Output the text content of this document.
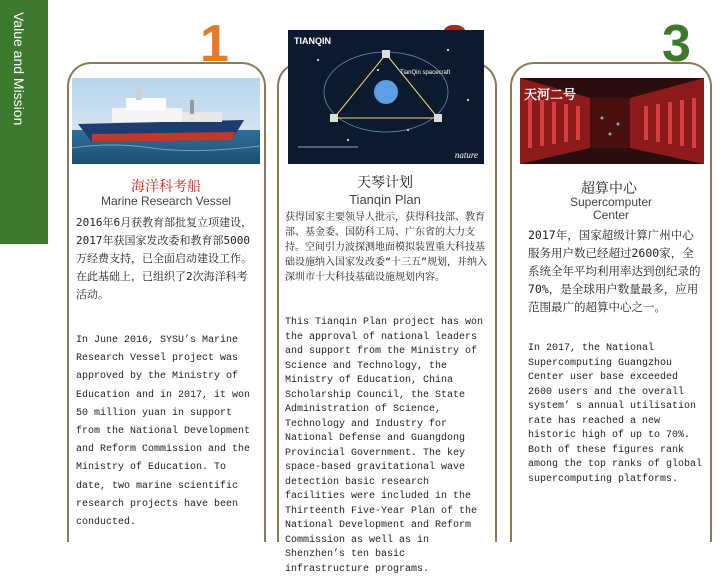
Value and Mission	1	3
TIANQIN
TianQin spacecraft
nature
天河二号
海洋科考船
Marine Research Vessel
2016年6月获教育部批复立项建设，2017年获国家发改委和教育部5000万经费支持，已全面启动建设工作。在此基础上，已组织了2次海洋科考活动。
In June 2016, SYSU’s Marine Research Vessel project was approved by the Ministry of Education and in 2017, it won 50 million yuan in support from the National Development and Reform Commission and the Ministry of Education. To date, two marine scientific research projects have been conducted.
天琴计划
Tianqin Plan
获得国家主要领导人批示，获得科技部、教育部、基金委、国防科工局、广东省的大力支持。空间引力波探测地面模拟装置重大科技基础设施纳入国家发改委“十三五”规划，并纳入深圳市十大科技基础设施规划内容。
This Tianqin Plan project has won the approval of national leaders and support from the Ministry of Science and Technology, the Ministry of Education, China Scholarship Council, the State Administration of Science, Technology and Industry for National Defense and Guangdong Provincial Government. The key space-based gravitational wave detection basic research facilities were included in the Thirteenth Five-Year Plan of the National Development and Reform Commission as well as in Shenzhen’s ten basic infrastructure programs.
超算中心
Supercomputer Center
2017年，国家超级计算广州中心服务用户数已经超过2600家，全系统全年平均利用率达到创纪录的70%，是全球用户数量最多，应用范围最广的超算中心之一。
In 2017, the National Supercomputing Guangzhou Center user base exceeded 2600 users and the overall system’ s annual utilisation rate has reached a new historic high of up to 70%. Both of these figures rank among the top ranks of global supercomputing platforms.
